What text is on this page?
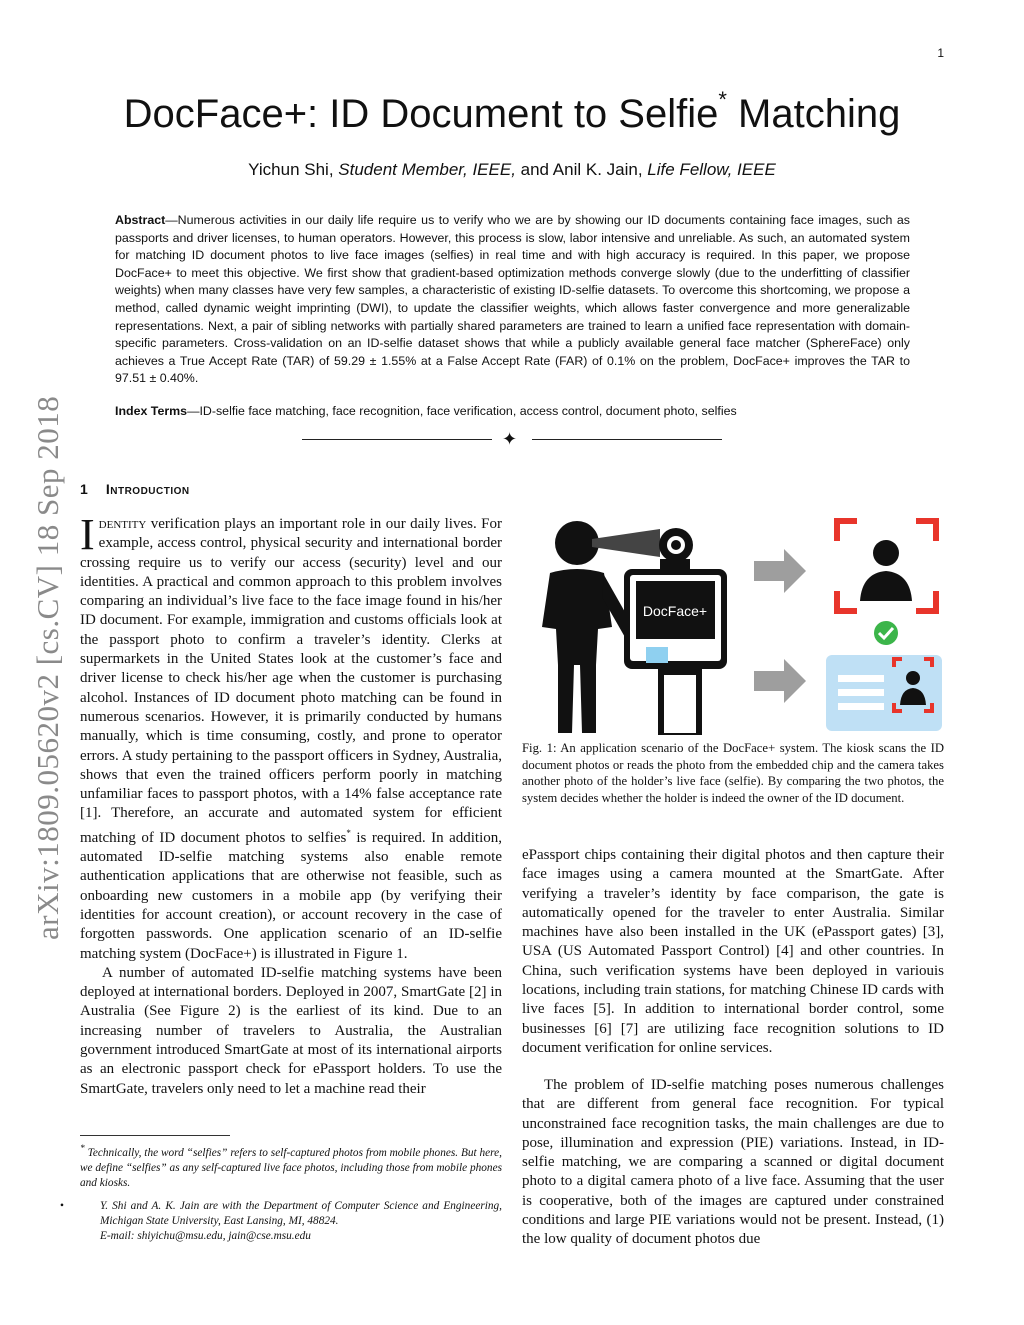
1
arXiv:1809.05620v2 [cs.CV] 18 Sep 2018
DocFace+: ID Document to Selfie* Matching
Yichun Shi, Student Member, IEEE, and Anil K. Jain, Life Fellow, IEEE
Abstract—Numerous activities in our daily life require us to verify who we are by showing our ID documents containing face images, such as passports and driver licenses, to human operators. However, this process is slow, labor intensive and unreliable. As such, an automated system for matching ID document photos to live face images (selfies) in real time and with high accuracy is required. In this paper, we propose DocFace+ to meet this objective. We first show that gradient-based optimization methods converge slowly (due to the underfitting of classifier weights) when many classes have very few samples, a characteristic of existing ID-selfie datasets. To overcome this shortcoming, we propose a method, called dynamic weight imprinting (DWI), to update the classifier weights, which allows faster convergence and more generalizable representations. Next, a pair of sibling networks with partially shared parameters are trained to learn a unified face representation with domain-specific parameters. Cross-validation on an ID-selfie dataset shows that while a publicly available general face matcher (SphereFace) only achieves a True Accept Rate (TAR) of 59.29 ± 1.55% at a False Accept Rate (FAR) of 0.1% on the problem, DocFace+ improves the TAR to 97.51 ± 0.40%.
Index Terms—ID-selfie face matching, face recognition, face verification, access control, document photo, selfies
✦
1 Introduction

Identity verification plays an important role in our daily lives. For example, access control, physical security and international border crossing require us to verify our access (security) level and our identities. A practical and common approach to this problem involves comparing an individual’s live face to the face image found in his/her ID document. For example, immigration and customs officials look at the passport photo to confirm a traveler’s identity. Clerks at supermarkets in the United States look at the customer’s face and driver license to check his/her age when the customer is purchasing alcohol. Instances of ID document photo matching can be found in numerous scenarios. However, it is primarily conducted by humans manually, which is time consuming, costly, and prone to operator errors. A study pertaining to the passport officers in Sydney, Australia, shows that even the trained officers perform poorly in matching unfamiliar faces to passport photos, with a 14% false acceptance rate [1]. Therefore, an accurate and automated system for efficient matching of ID document photos to selfies* is required. In addition, automated ID-selfie matching systems also enable remote authentication applications that are otherwise not feasible, such as onboarding new customers in a mobile app (by verifying their identities for account creation), or account recovery in the case of forgotten passwords. One application scenario of an ID-selfie matching system (DocFace+) is illustrated in Figure 1.

A number of automated ID-selfie matching systems have been deployed at international borders. Deployed in 2007, SmartGate [2] in Australia (See Figure 2) is the earliest of its kind. Due to an increasing number of travelers to Australia, the Australian government introduced SmartGate at most of its international airports as an electronic passport check for ePassport holders. To use the SmartGate, travelers only need to let a machine read their

* Technically, the word “selfies” refers to self-captured photos from mobile phones. But here, we define “selfies” as any self-captured live face photos, including those from mobile phones and kiosks.

•	Y. Shi and A. K. Jain are with the Department of Computer Science and Engineering, Michigan State University, East Lansing, MI, 48824.
E-mail: shiyichu@msu.edu, jain@cse.msu.edu

DocFace+
Fig. 1: An application scenario of the DocFace+ system. The kiosk scans the ID document photos or reads the photo from the embedded chip and the camera takes another photo of the holder’s live face (selfie). By comparing the two photos, the system decides whether the holder is indeed the owner of the ID document.

ePassport chips containing their digital photos and then capture their face images using a camera mounted at the SmartGate. After verifying a traveler’s identity by face comparison, the gate is automatically opened for the traveler to enter Australia. Similar machines have also been installed in the UK (ePassport gates) [3], USA (US Automated Passport Control) [4] and other countries. In China, such verification systems have been deployed in variouis locations, including train stations, for matching Chinese ID cards with live faces [5]. In addition to international border control, some businesses [6] [7] are utilizing face recognition solutions to ID document verification for online services.

The problem of ID-selfie matching poses numerous challenges that are different from general face recognition. For typical unconstrained face recognition tasks, the main challenges are due to pose, illumination and expression (PIE) variations. Instead, in ID-selfie matching, we are comparing a scanned or digital document photo to a digital camera photo of a live face. Assuming that the user is cooperative, both of the images are captured under constrained conditions and large PIE variations would not be present. Instead, (1) the low quality of document photos due
